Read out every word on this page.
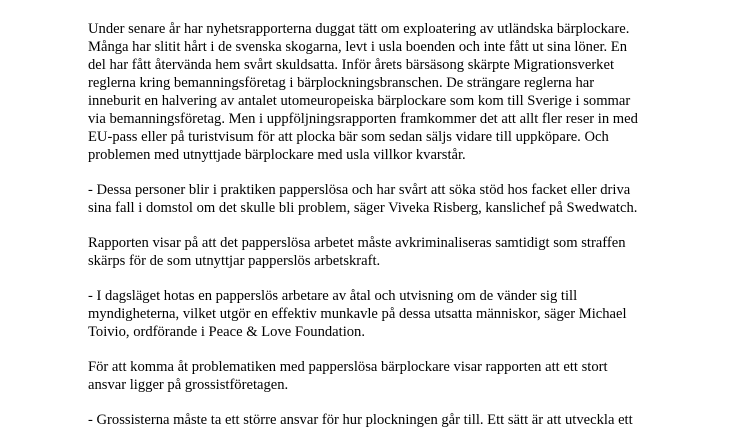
Under senare år har nyhetsrapporterna duggat tätt om exploatering av utländska bärplockare.
Många har slitit hårt i de svenska skogarna, levt i usla boenden och inte fått ut sina löner. En
del har fått återvända hem svårt skuldsatta. Inför årets bärsäsong skärpte Migrationsverket
reglerna kring bemanningsföretag i bärplockningsbranschen. De strängare reglerna har
inneburit en halvering av antalet utomeuropeiska bärplockare som kom till Sverige i sommar
via bemanningsföretag. Men i uppföljningsrapporten framkommer det att allt fler reser in med
EU-pass eller på turistvisum för att plocka bär som sedan säljs vidare till uppköpare. Och
problemen med utnyttjade bärplockare med usla villkor kvarstår.

- Dessa personer blir i praktiken papperslösa och har svårt att söka stöd hos facket eller driva
sina fall i domstol om det skulle bli problem, säger Viveka Risberg, kanslichef på Swedwatch.

Rapporten visar på att det papperslösa arbetet måste avkriminaliseras samtidigt som straffen
skärps för de som utnyttjar papperslös arbetskraft.

- I dagsläget hotas en papperslös arbetare av åtal och utvisning om de vänder sig till
myndigheterna, vilket utgör en effektiv munkavle på dessa utsatta människor, säger Michael
Toivio, ordförande i Peace & Love Foundation.

För att komma åt problematiken med papperslösa bärplockare visar rapporten att ett stort
ansvar ligger på grossistföretagen.

- Grossisterna måste ta ett större ansvar för hur plockningen går till. Ett sätt är att utveckla ett
